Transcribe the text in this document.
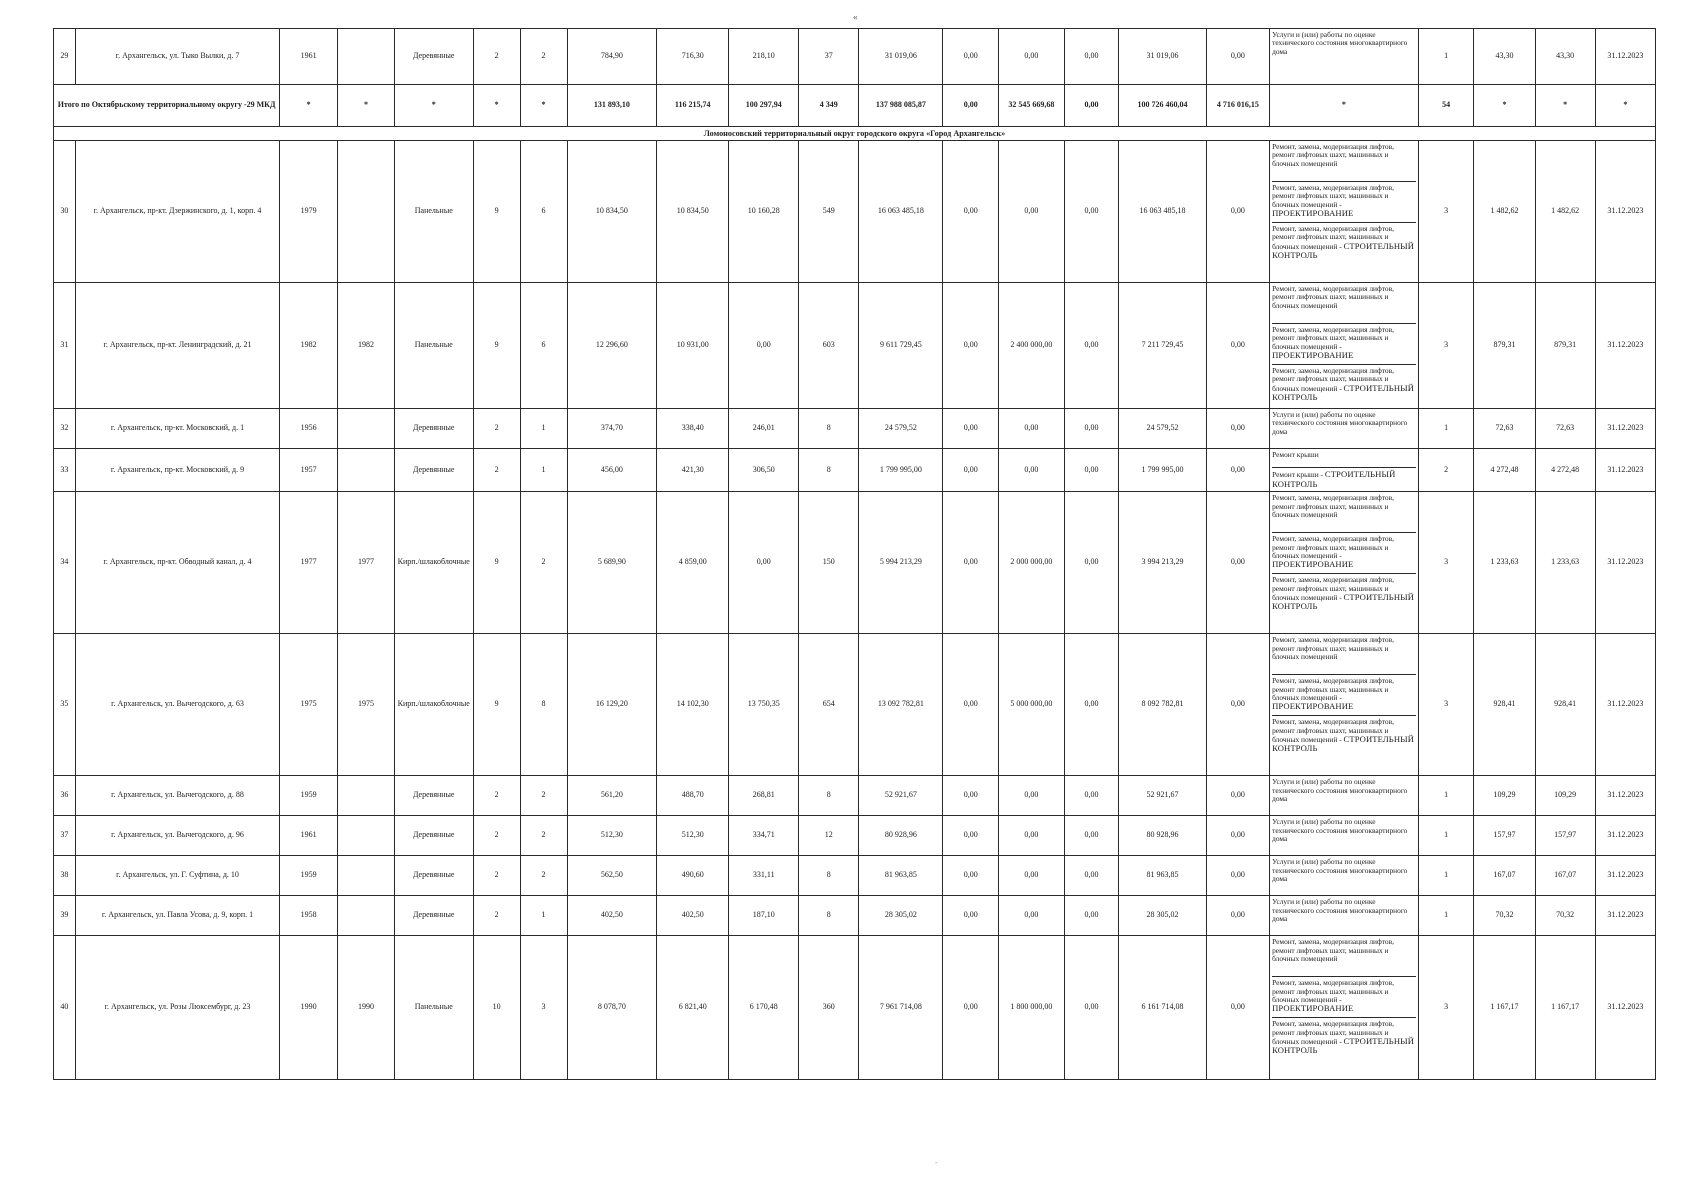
«
29	г. Архангельск, ул. Тыко Вылки, д. 7	1961		Деревянные	2	2	784,90	716,30	218,10	37	31 019,06	0,00	0,00	0,00	31 019,06	0,00	Услуги и (или) работы по оценке технического состояния многоквартирного дома	1	43,30	43,30	31.12.2023
Итого по Октябрьскому территориальному округу -29 МКД		*	*	*	*	*	131 893,10	116 215,74	100 297,94	4 349	137 988 085,87	0,00	32 545 669,68	0,00	100 726 460,04	4 716 016,15	*	54	*	*	*
Ломоносовский территориальный округ городского округа «Город Архангельск»																					
30	г. Архангельск, пр-кт. Дзержинского, д. 1, корп. 4	1979		Панельные	9	6	10 834,50	10 834,50	10 160,28	549	16 063 485,18	0,00	0,00	0,00	16 063 485,18	0,00	Ремонт, замена, модернизация лифтов, ремонт лифтовых шахт, машинных и блочных помещений
Ремонт, замена, модернизация лифтов, ремонт лифтовых шахт, машинных и блочных помещений - ПРОЕКТИРОВАНИЕ
Ремонт, замена, модернизация лифтов, ремонт лифтовых шахт, машинных и блочных помещений - СТРОИТЕЛЬНЫЙ КОНТРОЛЬ	3	1 482,62	1 482,62	31.12.2023
31	г. Архангельск, пр-кт. Ленинградский, д. 21	1982	1982	Панельные	9	6	12 296,60	10 931,00	0,00	603	9 611 729,45	0,00	2 400 000,00	0,00	7 211 729,45	0,00	Ремонт, замена, модернизация лифтов, ремонт лифтовых шахт, машинных и блочных помещений
Ремонт, замена, модернизация лифтов, ремонт лифтовых шахт, машинных и блочных помещений - ПРОЕКТИРОВАНИЕ
Ремонт, замена, модернизация лифтов, ремонт лифтовых шахт, машинных и блочных помещений - СТРОИТЕЛЬНЫЙ КОНТРОЛЬ	3	879,31	879,31	31.12.2023
32	г. Архангельск, пр-кт. Московский, д. 1	1956		Деревянные	2	1	374,70	338,40	246,01	8	24 579,52	0,00	0,00	0,00	24 579,52	0,00	Услуги и (или) работы по оценке технического состояния многоквартирного дома	1	72,63	72,63	31.12.2023
33	г. Архангельск, пр-кт. Московский, д. 9	1957		Деревянные	2	1	456,00	421,30	306,50	8	1 799 995,00	0,00	0,00	0,00	1 799 995,00	0,00	Ремонт крыши
Ремонт крыши - СТРОИТЕЛЬНЫЙ КОНТРОЛЬ	2	4 272,48	4 272,48	31.12.2023
34	г. Архангельск, пр-кт. Обводный канал, д. 4	1977	1977	Кирп./шлакоблочные	9	2	5 689,90	4 859,00	0,00	150	5 994 213,29	0,00	2 000 000,00	0,00	3 994 213,29	0,00	Ремонт, замена, модернизация лифтов, ремонт лифтовых шахт, машинных и блочных помещений
Ремонт, замена, модернизация лифтов, ремонт лифтовых шахт, машинных и блочных помещений - ПРОЕКТИРОВАНИЕ
Ремонт, замена, модернизация лифтов, ремонт лифтовых шахт, машинных и блочных помещений - СТРОИТЕЛЬНЫЙ КОНТРОЛЬ	3	1 233,63	1 233,63	31.12.2023
35	г. Архангельск, ул. Вычегодского, д. 63	1975	1975	Кирп./шлакоблочные	9	8	16 129,20	14 102,30	13 750,35	654	13 092 782,81	0,00	5 000 000,00	0,00	8 092 782,81	0,00	Ремонт, замена, модернизация лифтов, ремонт лифтовых шахт, машинных и блочных помещений
Ремонт, замена, модернизация лифтов, ремонт лифтовых шахт, машинных и блочных помещений - ПРОЕКТИРОВАНИЕ
Ремонт, замена, модернизация лифтов, ремонт лифтовых шахт, машинных и блочных помещений - СТРОИТЕЛЬНЫЙ КОНТРОЛЬ	3	928,41	928,41	31.12.2023
36	г. Архангельск, ул. Вычегодского, д. 88	1959		Деревянные	2	2	561,20	488,70	268,81	8	52 921,67	0,00	0,00	0,00	52 921,67	0,00	Услуги и (или) работы по оценке технического состояния многоквартирного дома	1	109,29	109,29	31.12.2023
37	г. Архангельск, ул. Вычегодского, д. 96	1961		Деревянные	2	2	512,30	512,30	334,71	12	80 928,96	0,00	0,00	0,00	80 928,96	0,00	Услуги и (или) работы по оценке технического состояния многоквартирного дома	1	157,97	157,97	31.12.2023
38	г. Архангельск, ул. Г. Суфтина, д. 10	1959		Деревянные	2	2	562,50	490,60	331,11	8	81 963,85	0,00	0,00	0,00	81 963,85	0,00	Услуги и (или) работы по оценке технического состояния многоквартирного дома	1	167,07	167,07	31.12.2023
39	г. Архангельск, ул. Павла Усова, д. 9, корп. 1	1958		Деревянные	2	1	402,50	402,50	187,10	8	28 305,02	0,00	0,00	0,00	28 305,02	0,00	Услуги и (или) работы по оценке технического состояния многоквартирного дома	1	70,32	70,32	31.12.2023
40	г. Архангельск, ул. Розы Люксембург, д. 23	1990	1990	Панельные	10	3	8 078,70	6 821,40	6 170,48	360	7 961 714,08	0,00	1 800 000,00	0,00	6 161 714,08	0,00	Ремонт, замена, модернизация лифтов, ремонт лифтовых шахт, машинных и блочных помещений
Ремонт, замена, модернизация лифтов, ремонт лифтовых шахт, машинных и блочных помещений - ПРОЕКТИРОВАНИЕ
Ремонт, замена, модернизация лифтов, ремонт лифтовых шахт, машинных и блочных помещений - СТРОИТЕЛЬНЫЙ КОНТРОЛЬ	3	1 167,17	1 167,17	31.12.2023
-
